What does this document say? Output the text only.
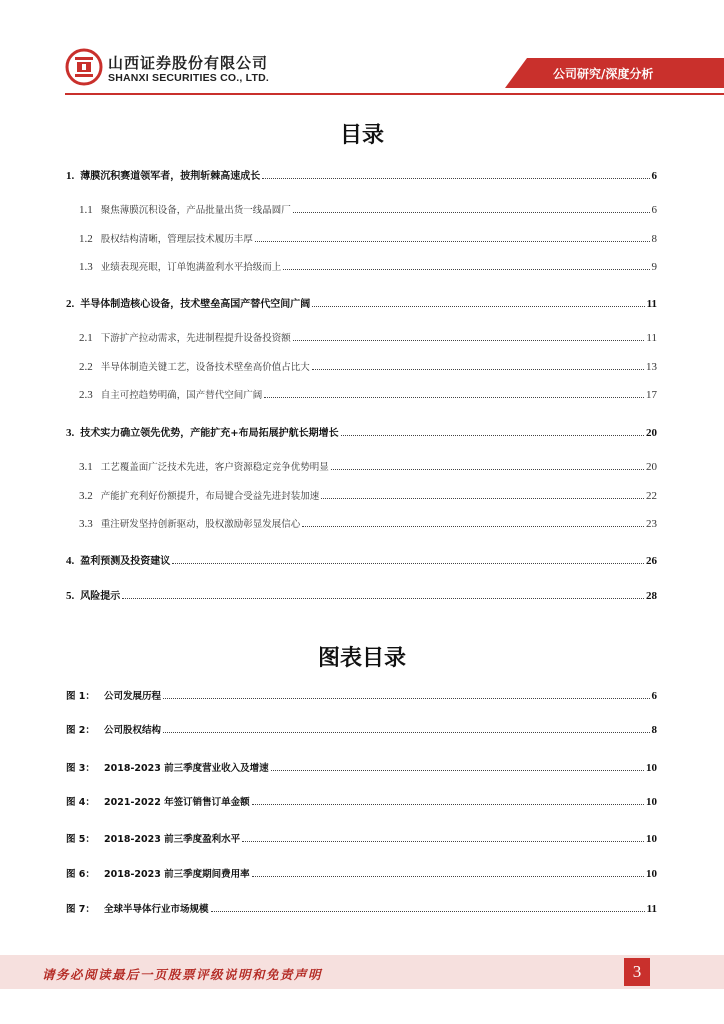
山西证券股份有限公司
SHANXI SECURITIES CO., LTD.	公司研究/深度分析
目录
1. 薄膜沉积赛道领军者，披荆斩棘高速成长	6
1.1 聚焦薄膜沉积设备，产品批量出货一线晶圆厂	6
1.2 股权结构清晰，管理层技术履历丰厚	8
1.3 业绩表现亮眼，订单饱满盈利水平拾级而上	9
2. 半导体制造核心设备，技术壁垒高国产替代空间广阔	11
2.1 下游扩产拉动需求，先进制程提升设备投资额	11
2.2 半导体制造关键工艺，设备技术壁垒高价值占比大	13
2.3 自主可控趋势明确，国产替代空间广阔	17
3. 技术实力确立领先优势，产能扩充+布局拓展护航长期增长	20
3.1 工艺覆盖面广泛技术先进，客户资源稳定竞争优势明显	20
3.2 产能扩充利好份额提升，布局键合受益先进封装加速	22
3.3 重注研发坚持创新驱动，股权激励彰显发展信心	23
4. 盈利预测及投资建议	26
5. 风险提示	28
图表目录
图 1： 公司发展历程	6
图 2： 公司股权结构	8
图 3： 2018-2023 前三季度营业收入及增速	10
图 4： 2021-2022 年签订销售订单金额	10
图 5： 2018-2023 前三季度盈利水平	10
图 6： 2018-2023 前三季度期间费用率	10
图 7： 全球半导体行业市场规模	11
请务必阅读最后一页股票评级说明和免责声明	3
